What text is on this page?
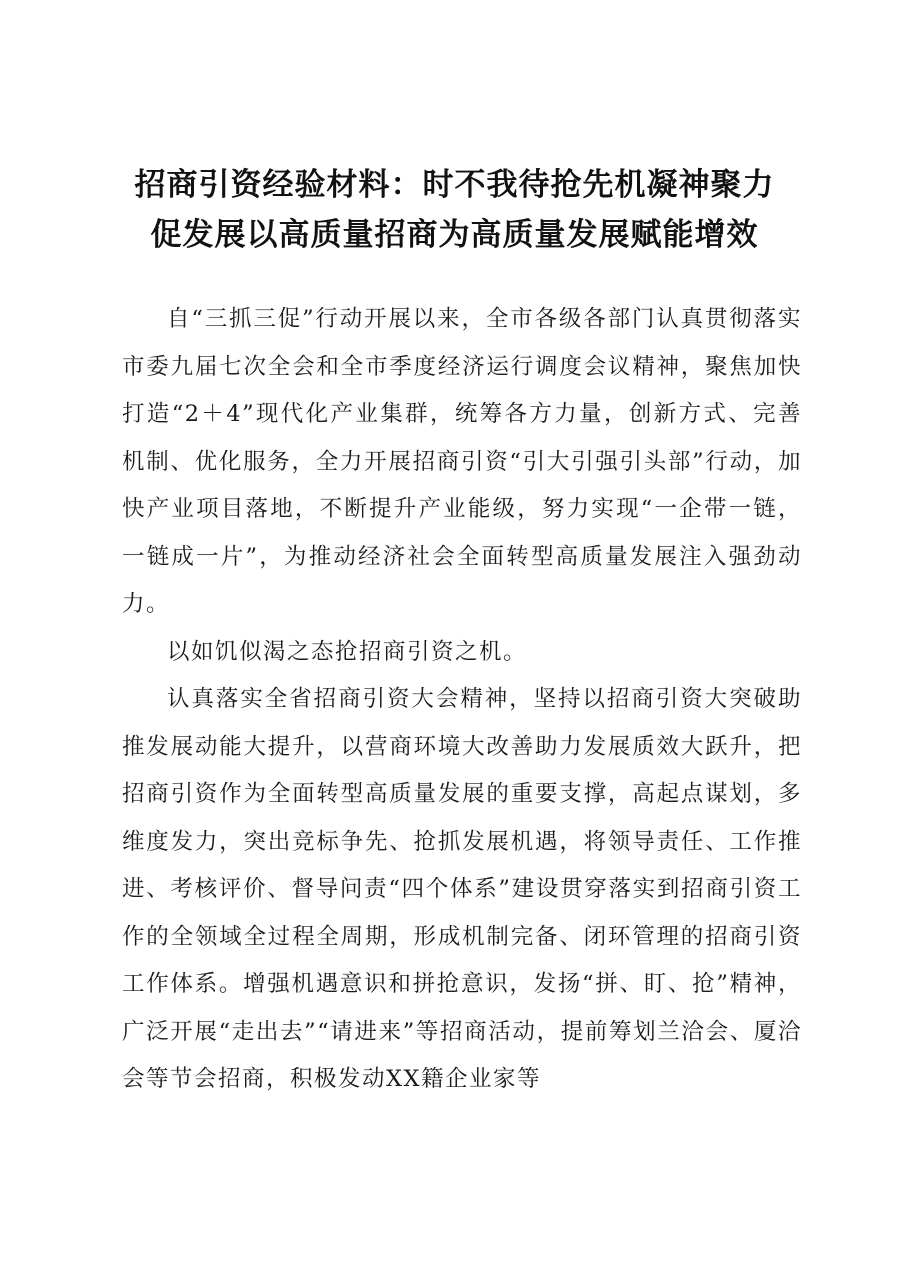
招商引资经验材料：时不我待抢先机凝神聚力
促发展以高质量招商为高质量发展赋能增效

自“三抓三促”行动开展以来，全市各级各部门认真贯彻落实市委九届七次全会和全市季度经济运行调度会议精神，聚焦加快打造“2＋4”现代化产业集群，统筹各方力量，创新方式、完善机制、优化服务，全力开展招商引资“引大引强引头部”行动，加快产业项目落地，不断提升产业能级，努力实现“一企带一链，一链成一片”，为推动经济社会全面转型高质量发展注入强劲动力。

以如饥似渴之态抢招商引资之机。

认真落实全省招商引资大会精神，坚持以招商引资大突破助推发展动能大提升，以营商环境大改善助力发展质效大跃升，把招商引资作为全面转型高质量发展的重要支撑，高起点谋划，多维度发力，突出竞标争先、抢抓发展机遇，将领导责任、工作推进、考核评价、督导问责“四个体系”建设贯穿落实到招商引资工作的全领域全过程全周期，形成机制完备、闭环管理的招商引资工作体系。增强机遇意识和拼抢意识，发扬“拼、盯、抢”精神，广泛开展“走出去”“请进来”等招商活动，提前筹划兰洽会、厦洽会等节会招商，积极发动XX籍企业家等
